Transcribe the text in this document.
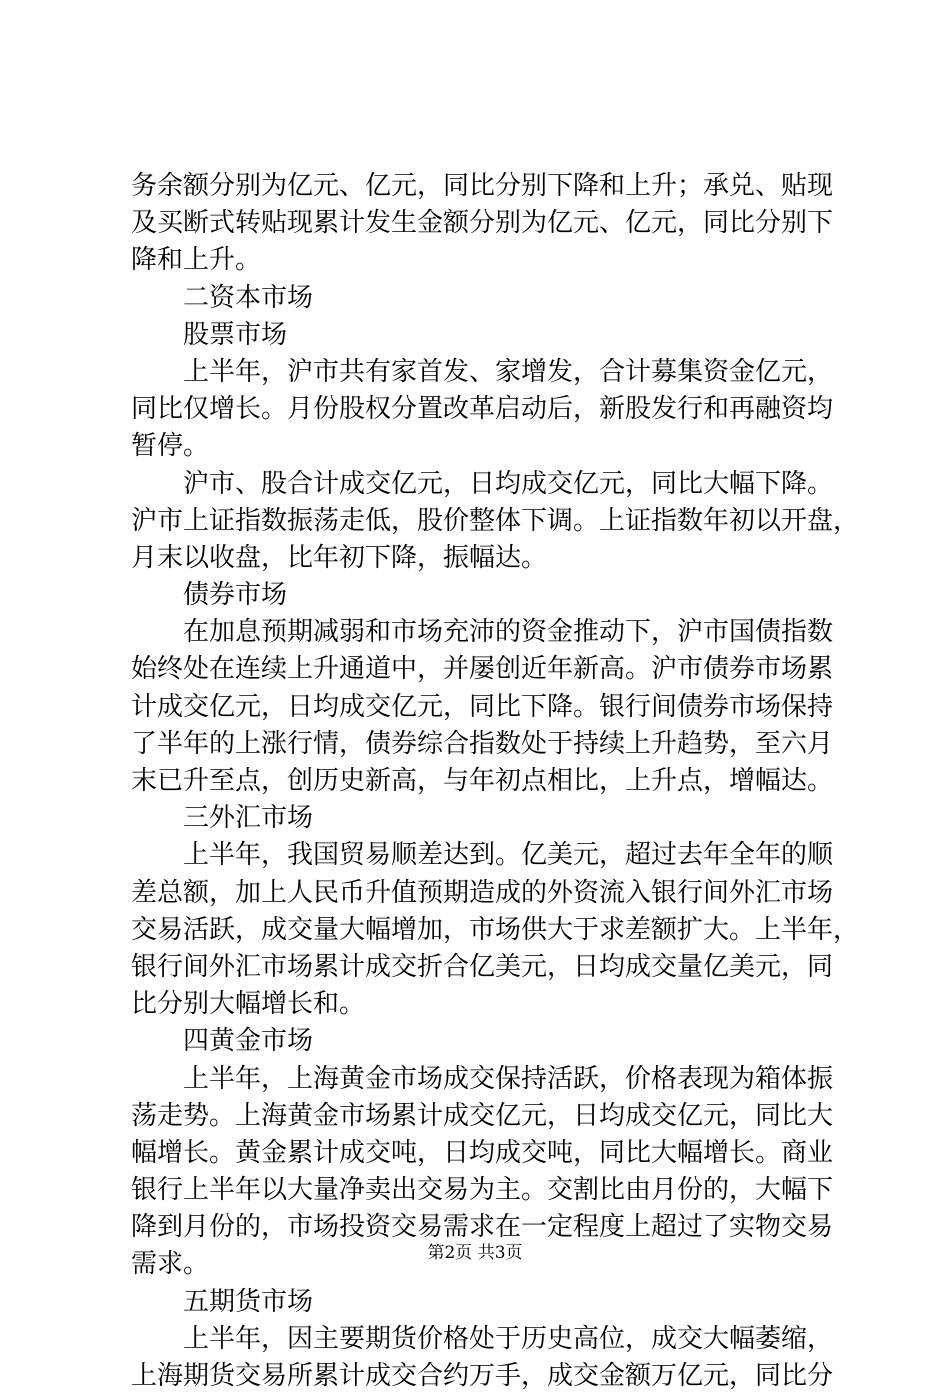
务余额分别为亿元、亿元，同比分别下降和上升；承兑、贴现
及买断式转贴现累计发生金额分别为亿元、亿元，同比分别下
降和上升。
二资本市场
股票市场
上半年，沪市共有家首发、家增发，合计募集资金亿元，
同比仅增长。月份股权分置改革启动后，新股发行和再融资均
暂停。
沪市、股合计成交亿元，日均成交亿元，同比大幅下降。
沪市上证指数振荡走低，股价整体下调。上证指数年初以开盘，
月末以收盘，比年初下降，振幅达。
债券市场
在加息预期减弱和市场充沛的资金推动下，沪市国债指数
始终处在连续上升通道中，并屡创近年新高。沪市债券市场累
计成交亿元，日均成交亿元，同比下降。银行间债券市场保持
了半年的上涨行情，债券综合指数处于持续上升趋势，至六月
末已升至点，创历史新高，与年初点相比，上升点，增幅达。
三外汇市场
上半年，我国贸易顺差达到。亿美元，超过去年全年的顺
差总额，加上人民币升值预期造成的外资流入银行间外汇市场
交易活跃，成交量大幅增加，市场供大于求差额扩大。上半年，
银行间外汇市场累计成交折合亿美元，日均成交量亿美元，同
比分别大幅增长和。
四黄金市场
上半年，上海黄金市场成交保持活跃，价格表现为箱体振
荡走势。上海黄金市场累计成交亿元，日均成交亿元，同比大
幅增长。黄金累计成交吨，日均成交吨，同比大幅增长。商业
银行上半年以大量净卖出交易为主。交割比由月份的，大幅下
降到月份的，市场投资交易需求在一定程度上超过了实物交易
需求。
五期货市场
上半年，因主要期货价格处于历史高位，成交大幅萎缩，
上海期货交易所累计成交合约万手，成交金额万亿元，同比分
第2页 共3页
